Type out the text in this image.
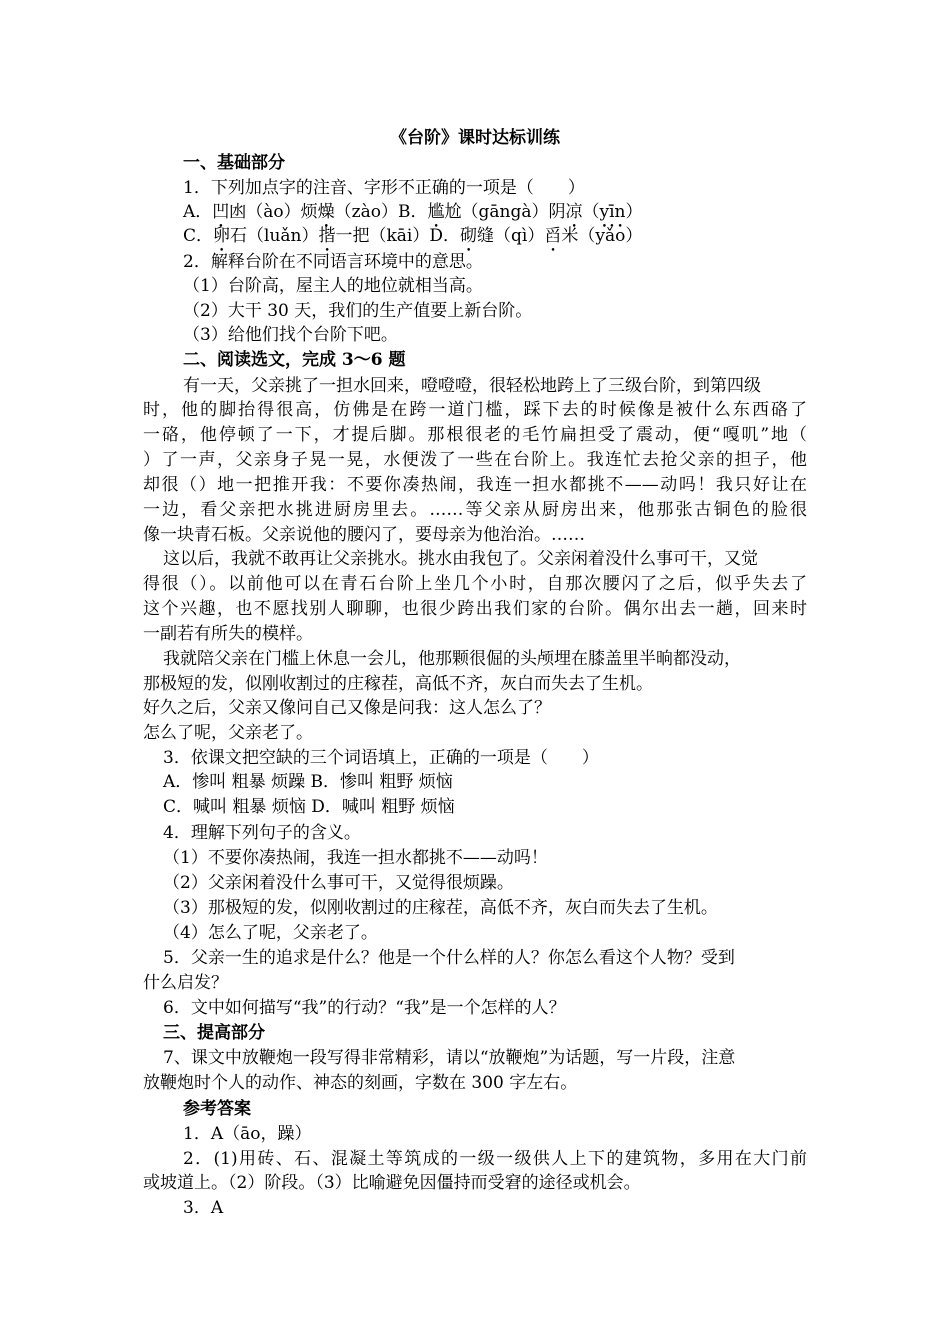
《台阶》课时达标训练
一、基础部分
1．下列加点字的注音、字形不正确的一项是（　　）
A．凹凼（ào）烦燥（zào）B．尴尬（gāngà）阴凉（yīn）
C．卵石（luǎn）揩一把（kāi）D．砌缝（qì）舀米（yǎo）
2．解释台阶在不同语言环境中的意思。
（1）台阶高，屋主人的地位就相当高。
（2）大干 30 天，我们的生产值要上新台阶。
（3）给他们找个台阶下吧。
二、阅读选文，完成 3～6 题
有一天，父亲挑了一担水回来，噔噔噔，很轻松地跨上了三级台阶，到第四级
时，他的脚抬得很高，仿佛是在跨一道门槛，踩下去的时候像是被什么东西硌了
一硌，他停顿了一下，才提后脚。那根很老的毛竹扁担受了震动，便“嘎叽”地（
）了一声，父亲身子晃一晃，水便泼了一些在台阶上。我连忙去抢父亲的担子，他
却很（）地一把推开我：不要你凑热闹，我连一担水都挑不——动吗！我只好让在
一边，看父亲把水挑进厨房里去。……等父亲从厨房出来，他那张古铜色的脸很
像一块青石板。父亲说他的腰闪了，要母亲为他治治。……
这以后，我就不敢再让父亲挑水。挑水由我包了。父亲闲着没什么事可干，又觉
得很（）。以前他可以在青石台阶上坐几个小时，自那次腰闪了之后，似乎失去了
这个兴趣，也不愿找别人聊聊，也很少跨出我们家的台阶。偶尔出去一趟，回来时
一副若有所失的模样。
我就陪父亲在门槛上休息一会儿，他那颗很倔的头颅埋在膝盖里半晌都没动，
那极短的发，似刚收割过的庄稼茬，高低不齐，灰白而失去了生机。
好久之后，父亲又像问自己又像是问我：这人怎么了？
怎么了呢，父亲老了。
3．依课文把空缺的三个词语填上，正确的一项是（　　）
A．惨叫 粗暴 烦躁 B．惨叫 粗野 烦恼
C．喊叫 粗暴 烦恼 D．喊叫 粗野 烦恼
4．理解下列句子的含义。
（1）不要你凑热闹，我连一担水都挑不——动吗！
（2）父亲闲着没什么事可干，又觉得很烦躁。
（3）那极短的发，似刚收割过的庄稼茬，高低不齐，灰白而失去了生机。
（4）怎么了呢，父亲老了。
5．父亲一生的追求是什么？他是一个什么样的人？你怎么看这个人物？受到
什么启发？
6．文中如何描写“我”的行动？“我”是一个怎样的人？
三、提高部分
7、课文中放鞭炮一段写得非常精彩，请以“放鞭炮”为话题，写一片段，注意
放鞭炮时个人的动作、神态的刻画，字数在 300 字左右。
参考答案
1．A（āo，躁）
2．(1)用砖、石、混凝土等筑成的一级一级供人上下的建筑物，多用在大门前
或坡道上。（2）阶段。（3）比喻避免因僵持而受窘的途径或机会。
3．A
